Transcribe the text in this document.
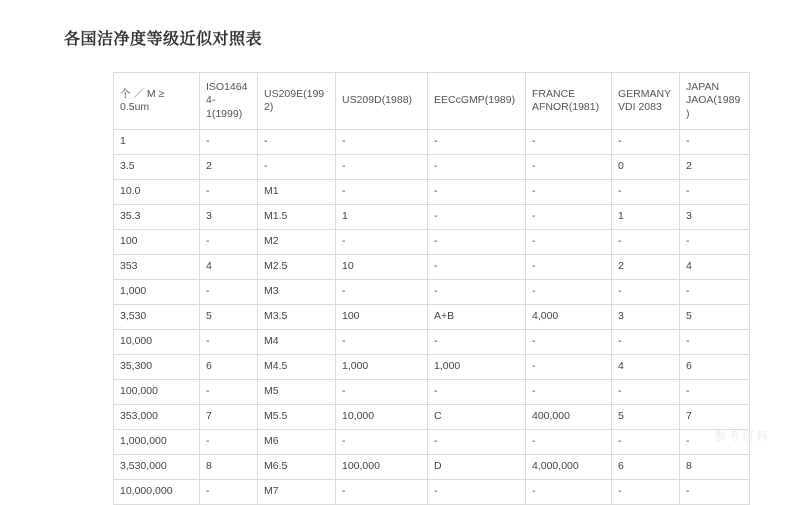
各国洁净度等级近似对照表
个 ／ M ≥ 0.5um	ISO14644-1(1999)	US209E(1992)	US209D(1988)	EECcGMP(1989)	FRANCE AFNOR(1981)	GERMANY VDI 2083	JAPAN JAOA(1989)
1	-	-	-	-	-	-	-
3.5	2	-	-	-	-	0	2
10.0	-	M1	-	-	-	-	-
35.3	3	M1.5	1	-	-	1	3
100	-	M2	-	-	-	-	-
353	4	M2.5	10	-	-	2	4
1,000	-	M3	-	-	-	-	-
3,530	5	M3.5	100	A+B	4,000	3	5
10,000	-	M4	-	-	-	-	-
35,300	6	M4.5	1,000	1,000	-	4	6
100,000	-	M5	-	-	-	-	-
353,000	7	M5.5	10,000	C	400,000	5	7
1,000,000	-	M6	-	-	-	-	-
3,530,000	8	M6.5	100,000	D	4,000,000	6	8
10,000,000	-	M7	-	-	-	-	-
参考资料
